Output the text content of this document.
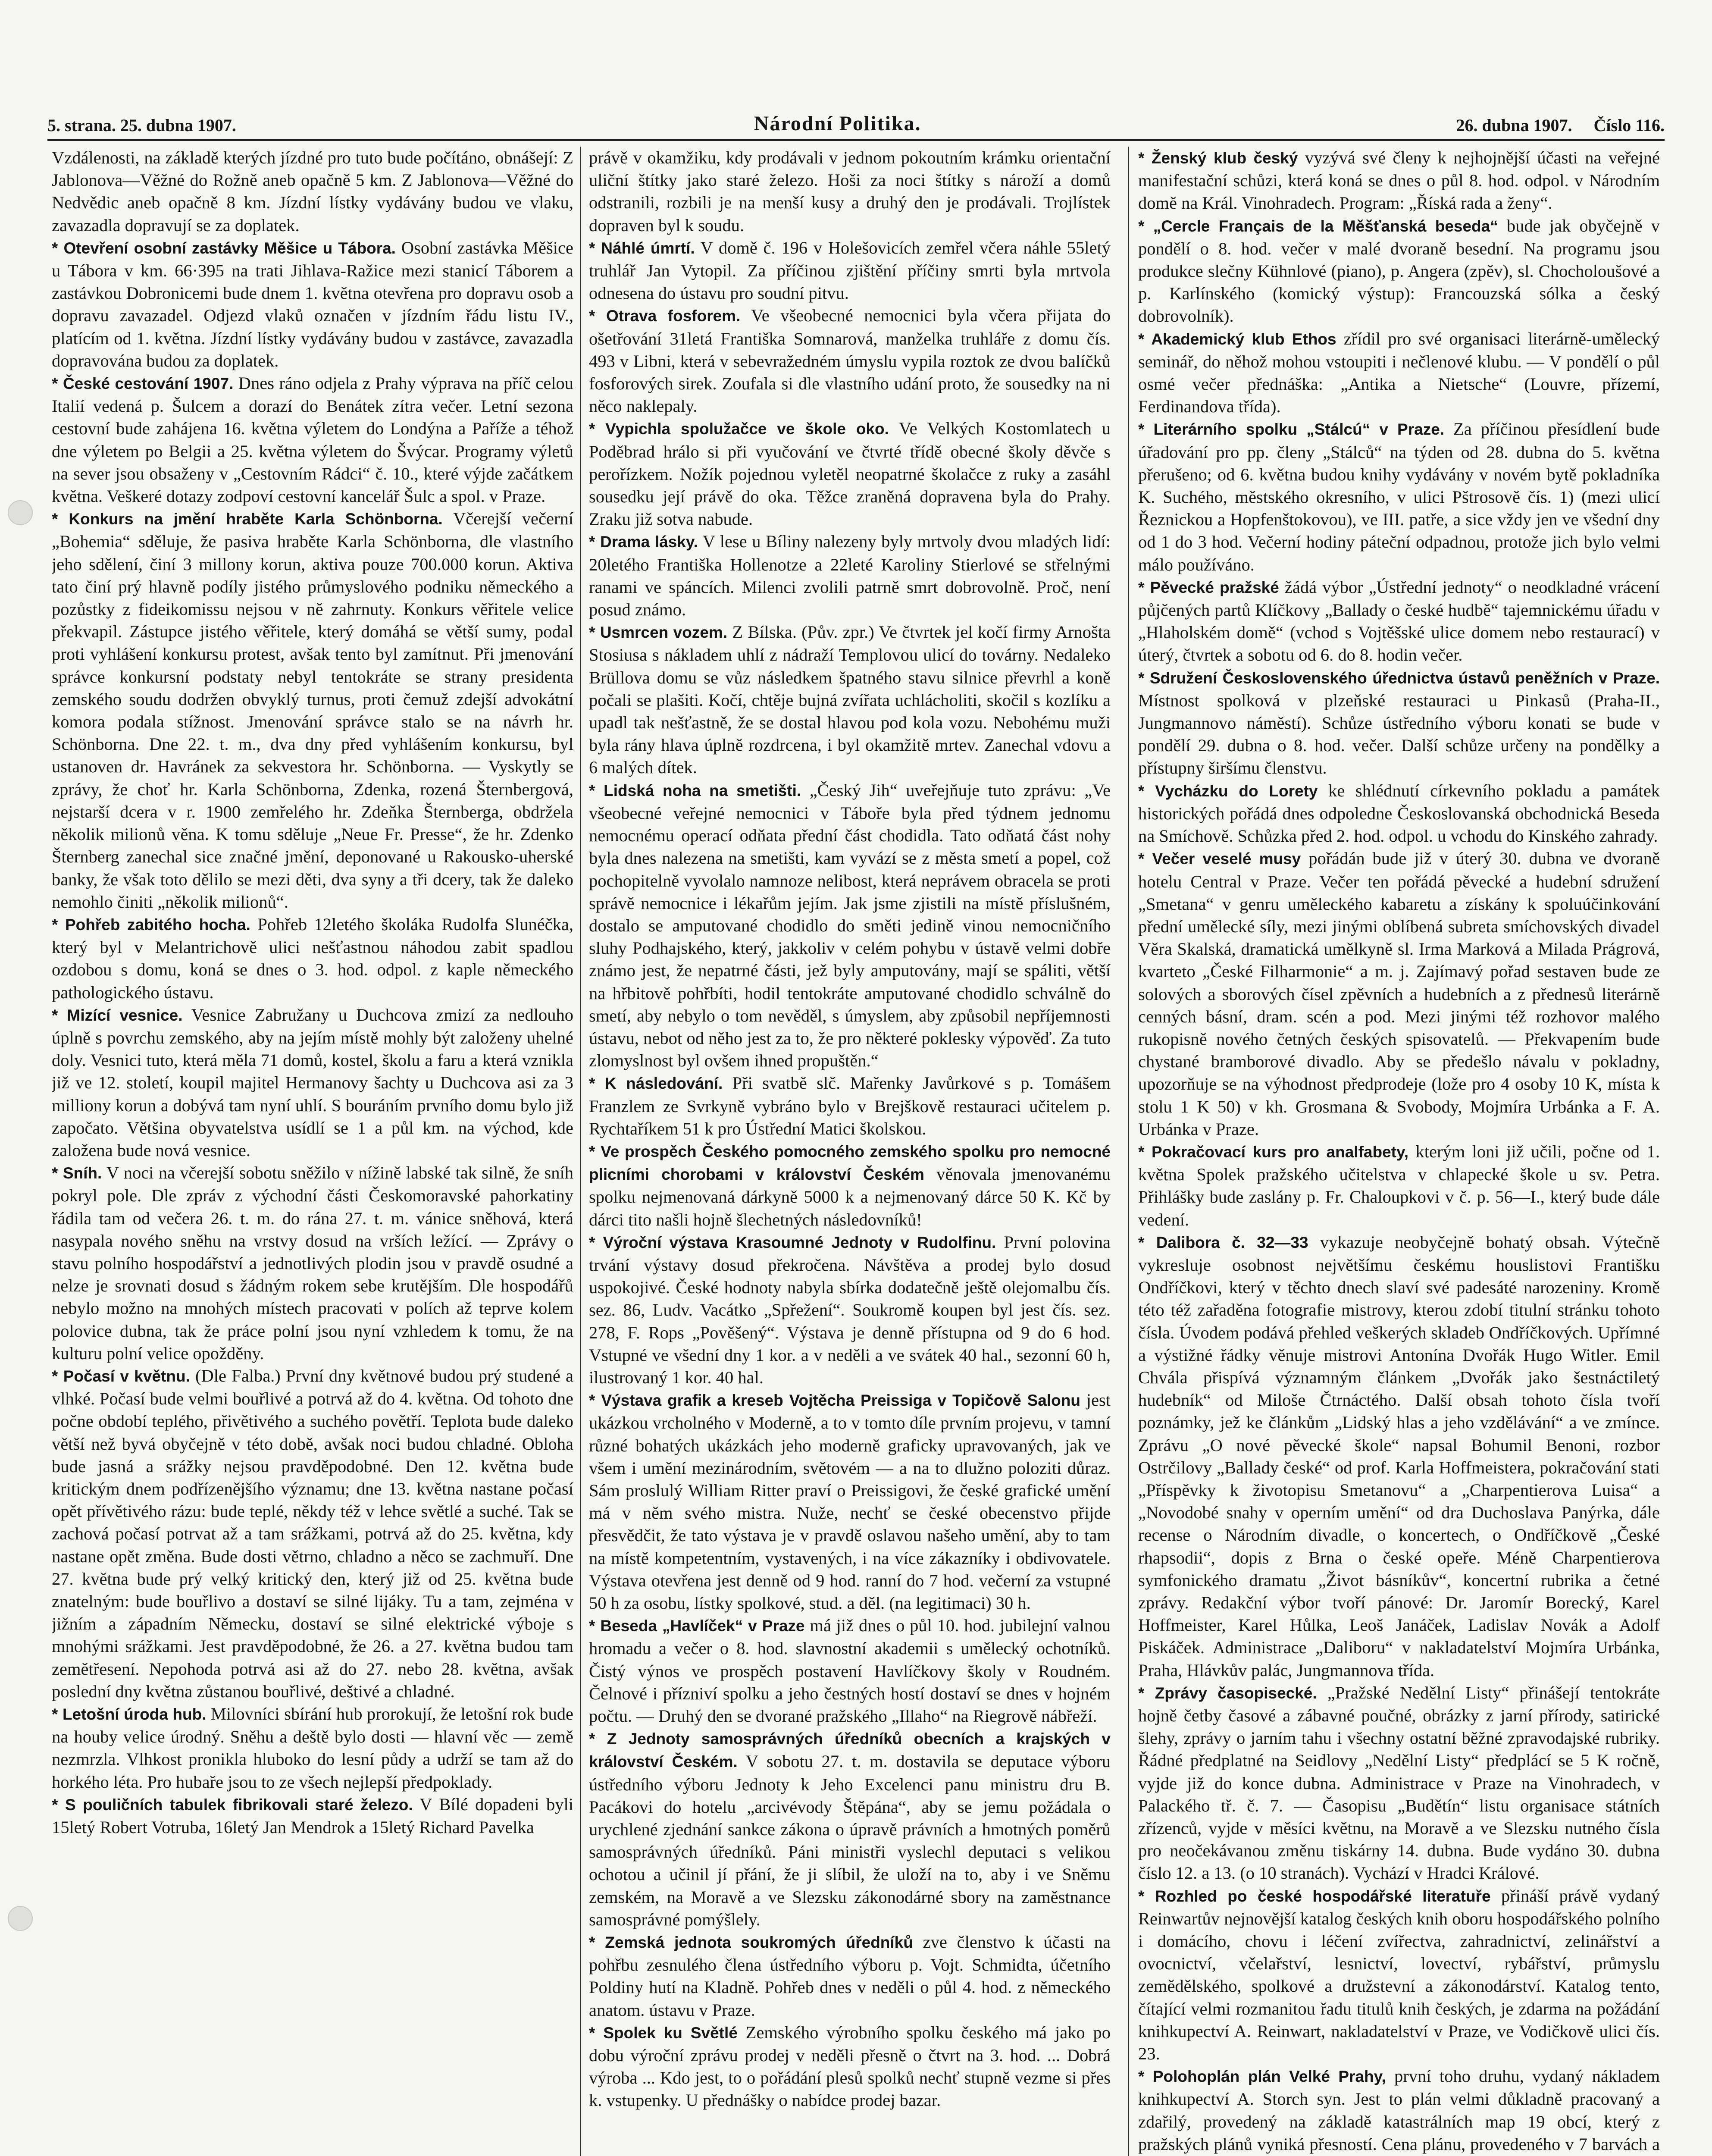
5. strana. 25. dubna 1907.	Národní Politika.	26. dubna 1907. Číslo 116.

Vzdálenosti, na základě kterých jízdné pro tuto bude počítáno, obnášejí: Z Jablonova—Věžné do Rožně aneb opačně 5 km. Z Jablonova—Věžné do Nedvědic aneb opačně 8 km. Jízdní lístky vydávány budou ve vlaku, zavazadla dopravují se za doplatek.

* Otevření osobní zastávky Měšice u Tábora. Osobní zastávka Měšice u Tábora v km. 66·395 na trati Jihlava-Ražice mezi stanicí Táborem a zastávkou Dobronicemi bude dnem 1. května otevřena pro dopravu osob a dopravu zavazadel. Odjezd vlaků označen v jízdním řádu listu IV., platícím od 1. května. Jízdní lístky vydávány budou v zastávce, zavazadla dopravována budou za doplatek.

* České cestování 1907. Dnes ráno odjela z Prahy výprava na příč celou Italií vedená p. Šulcem a dorazí do Benátek zítra večer. Letní sezona cestovní bude zahájena 16. května výletem do Londýna a Paříže a téhož dne výletem po Belgii a 25. května výletem do Švýcar. Programy výletů na sever jsou obsaženy v „Cestovním Rádci“ č. 10., které výjde začátkem května. Veškeré dotazy zodpoví cestovní kancelář Šulc a spol. v Praze.

* Konkurs na jmění hraběte Karla Schönborna. Včerejší večerní „Bohemia“ sděluje, že pasiva hraběte Karla Schönborna, dle vlastního jeho sdělení, činí 3 millony korun, aktiva pouze 700.000 korun. Aktiva tato činí prý hlavně podíly jistého průmyslového podniku německého a pozůstky z fideikomissu nejsou v ně zahrnuty. Konkurs věřitele velice překvapil. Zástupce jistého věřitele, který domáhá se větší sumy, podal proti vyhlášení konkursu protest, avšak tento byl zamítnut. Při jmenování správce konkursní podstaty nebyl tentokráte se strany presidenta zemského soudu dodržen obvyklý turnus, proti čemuž zdejší advokátní komora podala stížnost. Jmenování správce stalo se na návrh hr. Schönborna. Dne 22. t. m., dva dny před vyhlášením konkursu, byl ustanoven dr. Havránek za sekvestora hr. Schönborna. — Vyskytly se zprávy, že choť hr. Karla Schönborna, Zdenka, rozená Šternbergová, nejstarší dcera v r. 1900 zemřelého hr. Zdeňka Šternberga, obdržela několik milionů věna. K tomu sděluje „Neue Fr. Presse“, že hr. Zdenko Šternberg zanechal sice značné jmění, deponované u Rakousko-uherské banky, že však toto dělilo se mezi děti, dva syny a tři dcery, tak že daleko nemohlo činiti „několik milionů“.

* Pohřeb zabitého hocha. Pohřeb 12letého školáka Rudolfa Slunéčka, který byl v Melantrichově ulici nešťastnou náhodou zabit spadlou ozdobou s domu, koná se dnes o 3. hod. odpol. z kaple německého pathologického ústavu.

* Mizící vesnice. Vesnice Zabružany u Duchcova zmizí za nedlouho úplně s povrchu zemského, aby na jejím místě mohly být založeny uhelné doly. Vesnici tuto, která měla 71 domů, kostel, školu a faru a která vznikla již ve 12. století, koupil majitel Hermanovy šachty u Duchcova asi za 3 milliony korun a dobývá tam nyní uhlí. S bouráním prvního domu bylo již započato. Většina obyvatelstva usídlí se 1 a půl km. na východ, kde založena bude nová vesnice.

* Sníh. V noci na včerejší sobotu sněžilo v nížině labské tak silně, že sníh pokryl pole. Dle zpráv z východní části Českomoravské pahorkatiny řádila tam od večera 26. t. m. do rána 27. t. m. vánice sněhová, která nasypala nového sněhu na vrstvy dosud na vrších ležící. — Zprávy o stavu polního hospodářství a jednotlivých plodin jsou v pravdě osudné a nelze je srovnati dosud s žádným rokem sebe krutějším. Dle hospodářů nebylo možno na mnohých místech pracovati v polích až teprve kolem polovice dubna, tak že práce polní jsou nyní vzhledem k tomu, že na kulturu polní velice opožděny.

* Počasí v květnu. (Dle Falba.) První dny květnové budou prý studené a vlhké. Počasí bude velmi bouřlivé a potrvá až do 4. května. Od tohoto dne počne období teplého, přivětivého a suchého povětří. Teplota bude daleko větší než byvá obyčejně v této době, avšak noci budou chladné. Obloha bude jasná a srážky nejsou pravděpodobné. Den 12. května bude kritickým dnem podřízenějšího významu; dne 13. května nastane počasí opět přívětivého rázu: bude teplé, někdy též v lehce světlé a suché. Tak se zachová počasí potrvat až a tam srážkami, potrvá až do 25. května, kdy nastane opět změna. Bude dosti větrno, chladno a něco se zachmuří. Dne 27. května bude prý velký kritický den, který již od 25. května bude znatelným: bude bouřlivo a dostaví se silné lijáky. Tu a tam, zejména v jižním a západním Německu, dostaví se silné elektrické výboje s mnohými srážkami. Jest pravděpodobné, že 26. a 27. května budou tam zemětřesení. Nepohoda potrvá asi až do 27. nebo 28. května, avšak poslední dny května zůstanou bouřlivé, deštivé a chladné.

* Letošní úroda hub. Milovníci sbírání hub prorokují, že letošní rok bude na houby velice úrodný. Sněhu a deště bylo dosti — hlavní věc — země nezmrzla. Vlhkost pronikla hluboko do lesní půdy a udrží se tam až do horkého léta. Pro hubaře jsou to ze všech nejlepší předpoklady.

* S pouličních tabulek fibrikovali staré železo. V Bílé dopadeni byli 15letý Robert Votruba, 16letý Jan Mendrok a 15letý Richard Pavelka

právě v okamžiku, kdy prodávali v jednom pokoutním krámku orientační uliční štítky jako staré železo. Hoši za noci štítky s nároží a domů odstranili, rozbili je na menší kusy a druhý den je prodávali. Trojlístek dopraven byl k soudu.

* Náhlé úmrtí. V domě č. 196 v Holešovicích zemřel včera náhle 55letý truhlář Jan Vytopil. Za příčinou zjištění příčiny smrti byla mrtvola odnesena do ústavu pro soudní pitvu.

* Otrava fosforem. Ve všeobecné nemocnici byla včera přijata do ošetřování 31letá Františka Somnarová, manželka truhláře z domu čís. 493 v Libni, která v sebevražedném úmyslu vypila roztok ze dvou balíčků fosforových sirek. Zoufala si dle vlastního udání proto, že sousedky na ni něco naklepaly.

* Vypichla spolužačce ve škole oko. Ve Velkých Kostomlatech u Poděbrad hrálo si při vyučování ve čtvrté třídě obecné školy děvče s perořízkem. Nožík pojednou vyletěl neopatrné školačce z ruky a zasáhl sousedku její právě do oka. Těžce zraněná dopravena byla do Prahy. Zraku již sotva nabude.

* Drama lásky. V lese u Bíliny nalezeny byly mrtvoly dvou mladých lidí: 20letého Františka Hollenotze a 22leté Karoliny Stierlové se střelnými ranami ve spáncích. Milenci zvolili patrně smrt dobrovolně. Proč, není posud známo.

* Usmrcen vozem. Z Bílska. (Pův. zpr.) Ve čtvrtek jel kočí firmy Arnošta Stosiusa s nákladem uhlí z nádraží Templovou ulicí do továrny. Nedaleko Brüllova domu se vůz následkem špatného stavu silnice převrhl a koně počali se plašiti. Kočí, chtěje bujná zvířata uchlácholiti, skočil s kozlíku a upadl tak nešťastně, že se dostal hlavou pod kola vozu. Nebohému muži byla rány hlava úplně rozdrcena, i byl okamžitě mrtev. Zanechal vdovu a 6 malých dítek.

* Lidská noha na smetišti. „Český Jih“ uveřejňuje tuto zprávu: „Ve všeobecné veřejné nemocnici v Táboře byla před týdnem jednomu nemocnému operací odňata přední část chodidla. Tato odňatá část nohy byla dnes nalezena na smetišti, kam vyvází se z města smetí a popel, což pochopitelně vyvolalo namnoze nelibost, která neprávem obracela se proti správě nemocnice i lékařům jejím. Jak jsme zjistili na místě příslušném, dostalo se amputované chodidlo do směti jedině vinou nemocničního sluhy Podhajského, který, jakkoliv v celém pohybu v ústavě velmi dobře známo jest, že nepatrné části, jež byly amputovány, mají se spáliti, větší na hřbitově pohřbíti, hodil tentokráte amputované chodidlo schválně do smetí, aby nebylo o tom nevěděl, s úmyslem, aby způsobil nepříjemnosti ústavu, nebot od něho jest za to, že pro některé poklesky výpověď. Za tuto zlomyslnost byl ovšem ihned propuštěn.“

* K následování. Při svatbě slč. Mařenky Javůrkové s p. Tomášem Franzlem ze Svrkyně vybráno bylo v Brejškově restauraci učitelem p. Rychtaříkem 51 k pro Ústřední Matici školskou.

* Ve prospěch Českého pomocného zemského spolku pro nemocné plicními chorobami v království Českém věnovala jmenovanému spolku nejmenovaná dárkyně 5000 k a nejmenovaný dárce 50 K. Kč by dárci tito našli hojně šlechetných následovníků!

* Výroční výstava Krasoumné Jednoty v Rudolfinu. První polovina trvání výstavy dosud překročena. Návštěva a prodej bylo dosud uspokojivé. České hodnoty nabyla sbírka dodatečně ještě olejomalbu čís. sez. 86, Ludv. Vacátko „Spřežení“. Soukromě koupen byl jest čís. sez. 278, F. Rops „Pověšený“. Výstava je denně přístupna od 9 do 6 hod. Vstupné ve všední dny 1 kor. a v neděli a ve svátek 40 hal., sezonní 60 h, ilustrovaný 1 kor. 40 hal.

* Výstava grafik a kreseb Vojtěcha Preissiga v Topičově Salonu jest ukázkou vrcholného v Moderně, a to v tomto díle prvním projevu, v tamní různé bohatých ukázkách jeho moderně graficky upravovaných, jak ve všem i umění mezinárodním, světovém — a na to dlužno poloziti důraz. Sám proslulý William Ritter praví o Preissigovi, že české grafické umění má v něm svého mistra. Nuže, nechť se české obecenstvo přijde přesvědčit, že tato výstava je v pravdě oslavou našeho umění, aby to tam na místě kompetentním, vystavených, i na více zákazníky i obdivovatele. Výstava otevřena jest denně od 9 hod. ranní do 7 hod. večerní za vstupné 50 h za osobu, lístky spolkové, stud. a děl. (na legitimaci) 30 h.

* Beseda „Havlíček“ v Praze má již dnes o půl 10. hod. jubilejní valnou hromadu a večer o 8. hod. slavnostní akademii s umělecký ochotníků. Čistý výnos ve prospěch postavení Havlíčkovy školy v Roudném. Čelnové i přízniví spolku a jeho čestných hostí dostaví se dnes v hojném počtu. — Druhý den se dvorané pražského „Illaho“ na Riegrově nábřeží.

* Z Jednoty samosprávných úředníků obecních a krajských v království Českém. V sobotu 27. t. m. dostavila se deputace výboru ústředního výboru Jednoty k Jeho Excelenci panu ministru dru B. Pacákovi do hotelu „arcivévody Štěpána“, aby se jemu požádala o urychlené zjednání sankce zákona o úpravě právních a hmotných poměrů samosprávných úředníků. Páni ministři vyslechl deputaci s velikou ochotou a učinil jí přání, že ji slíbil, že uloží na to, aby i ve Sněmu zemském, na Moravě a ve Slezsku zákonodárné sbory na zaměstnance samosprávné pomýšlely.

* Zemská jednota soukromých úředníků zve členstvo k účasti na pohřbu zesnulého člena ústředního výboru p. Vojt. Schmidta, účetního Poldiny hutí na Kladně. Pohřeb dnes v neděli o půl 4. hod. z německého anatom. ústavu v Praze.

* Spolek ku Světlé Zemského výrobního spolku českého má jako po dobu výroční zprávu prodej v neděli přesně o čtvrt na 3. hod. ... Dobrá výroba ... Kdo jest, to o pořádání plesů spolků nechť stupně vezme si přes k. vstupenky. U přednášky o nabídce prodej bazar.

* Ženský klub český vyzývá své členy k nejhojnější účasti na veřejné manifestační schůzi, která koná se dnes o půl 8. hod. odpol. v Národním domě na Král. Vinohradech. Program: „Říská rada a ženy“.

* „Cercle Français de la Měšťanská beseda“ bude jak obyčejně v pondělí o 8. hod. večer v malé dvoraně besední. Na programu jsou produkce slečny Kühnlové (piano), p. Angera (zpěv), sl. Chocholoušové a p. Karlínského (komický výstup): Francouzská sólka a český dobrovolník).

* Akademický klub Ethos zřídil pro své organisaci literárně-umělecký seminář, do něhož mohou vstoupiti i nečlenové klubu. — V pondělí o půl osmé večer přednáška: „Antika a Nietsche“ (Louvre, přízemí, Ferdinandova třída).

* Literárního spolku „Stálcú“ v Praze. Za příčinou přesídlení bude úřadování pro pp. členy „Stálců“ na týden od 28. dubna do 5. května přerušeno; od 6. května budou knihy vydávány v novém bytě pokladníka K. Suchého, městského okresního, v ulici Pštrosově čís. 1) (mezi ulicí Řeznickou a Hopfenštokovou), ve III. patře, a sice vždy jen ve všední dny od 1 do 3 hod. Večerní hodiny páteční odpadnou, protože jich bylo velmi málo používáno.

* Pěvecké pražské žádá výbor „Ústřední jednoty“ o neodkladné vrácení půjčených partů Klíčkovy „Ballady o české hudbě“ tajemnickému úřadu v „Hlaholském domě“ (vchod s Vojtěšské ulice domem nebo restaurací) v úterý, čtvrtek a sobotu od 6. do 8. hodin večer.

* Sdružení Československého úřednictva ústavů peněžních v Praze. Místnost spolková v plzeňské restauraci u Pinkasů (Praha-II., Jungmannovo náměstí). Schůze ústředního výboru konati se bude v pondělí 29. dubna o 8. hod. večer. Další schůze určeny na pondělky a přístupny širšímu členstvu.

* Vycházku do Lorety ke shlédnutí církevního pokladu a památek historických pořádá dnes odpoledne Českoslovanská obchodnická Beseda na Smíchově. Schůzka před 2. hod. odpol. u vchodu do Kinského zahrady.

* Večer veselé musy pořádán bude již v úterý 30. dubna ve dvoraně hotelu Central v Praze. Večer ten pořádá pěvecké a hudební sdružení „Smetana“ v genru uměleckého kabaretu a získány k spoluúčinkování přední umělecké síly, mezi jinými oblíbená subreta smíchovských divadel Věra Skalská, dramatická umělkyně sl. Irma Marková a Milada Prágrová, kvarteto „České Filharmonie“ a m. j. Zajímavý pořad sestaven bude ze solových a sborových čísel zpěvních a hudebních a z přednesů literárně cenných básní, dram. scén a pod. Mezi jinými též rozhovor malého rukopisně nového četných českých spisovatelů. — Překvapením bude chystané bramborové divadlo. Aby se předešlo návalu v pokladny, upozorňuje se na výhodnost předprodeje (lože pro 4 osoby 10 K, místa k stolu 1 K 50) v kh. Grosmana & Svobody, Mojmíra Urbánka a F. A. Urbánka v Praze.

* Pokračovací kurs pro analfabety, kterým loni již učili, počne od 1. května Spolek pražského učitelstva v chlapecké škole u sv. Petra. Přihlášky bude zaslány p. Fr. Chaloupkovi v č. p. 56—I., který bude dále vedení.

* Dalibora č. 32—33 vykazuje neobyčejně bohatý obsah. Výtečně vykresluje osobnost největšímu českému houslistovi Františku Ondříčkovi, který v těchto dnech slaví své padesáté narozeniny. Kromě této též zařaděna fotografie mistrovy, kterou zdobí titulní stránku tohoto čísla. Úvodem podává přehled veškerých skladeb Ondříčkových. Upřímné a výstižné řádky věnuje mistrovi Antonína Dvořák Hugo Witler. Emil Chvála přispívá významným článkem „Dvořák jako šestnáctiletý hudebník“ od Miloše Čtrnáctého. Další obsah tohoto čísla tvoří poznámky, jež ke článkům „Lidský hlas a jeho vzdělávání“ a ve zmínce. Zprávu „O nové pěvecké škole“ napsal Bohumil Benoni, rozbor Ostrčilovy „Ballady české“ od prof. Karla Hoffmeistera, pokračování stati „Příspěvky k životopisu Smetanovu“ a „Charpentierova Luisa“ a „Novodobé snahy v operním umění“ od dra Duchoslava Panýrka, dále recense o Národním divadle, o koncertech, o Ondříčkově „České rhapsodii“, dopis z Brna o české opeře. Méně Charpentierova symfonického dramatu „Život básníkův“, koncertní rubrika a četné zprávy. Redakční výbor tvoří pánové: Dr. Jaromír Borecký, Karel Hoffmeister, Karel Hůlka, Leoš Janáček, Ladislav Novák a Adolf Piskáček. Administrace „Daliboru“ v nakladatelství Mojmíra Urbánka, Praha, Hlávkův palác, Jungmannova třída.

* Zprávy časopisecké. „Pražské Nedělní Listy“ přinášejí tentokráte hojně četby časové a zábavné poučné, obrázky z jarní přírody, satirické šlehy, zprávy o jarním tahu i všechny ostatní běžné zpravodajské rubriky. Řádné předplatné na Seidlovy „Nedělní Listy“ předplácí se 5 K ročně, vyjde již do konce dubna. Administrace v Praze na Vinohradech, v Palackého tř. č. 7. — Časopisu „Budětín“ listu organisace státních zřízenců, vyjde v měsíci květnu, na Moravě a ve Slezsku nutného čísla pro neočekávanou změnu tiskárny 14. dubna. Bude vydáno 30. dubna číslo 12. a 13. (o 10 stranách). Vychází v Hradci Králové.

* Rozhled po české hospodářské literatuře přináší právě vydaný Reinwartův nejnovější katalog českých knih oboru hospodářského polního i domácího, chovu i léčení zvířectva, zahradnictví, zelinářství a ovocnictví, včelařství, lesnictví, lovectví, rybářství, průmyslu zemědělského, spolkové a družstevní a zákonodárství. Katalog tento, čítající velmi rozmanitou řadu titulů knih českých, je zdarma na požádání knihkupectví A. Reinwart, nakladatelství v Praze, ve Vodičkově ulici čís. 23.

* Polohoplán plán Velké Prahy, první toho druhu, vydaný nákladem knihkupectví A. Storch syn. Jest to plán velmi důkladně pracovaný a zdařilý, provedený na základě katastrálních map 19 obcí, který z pražských plánů vyniká přesností. Cena plánu, provedeného v 7 barvách a
